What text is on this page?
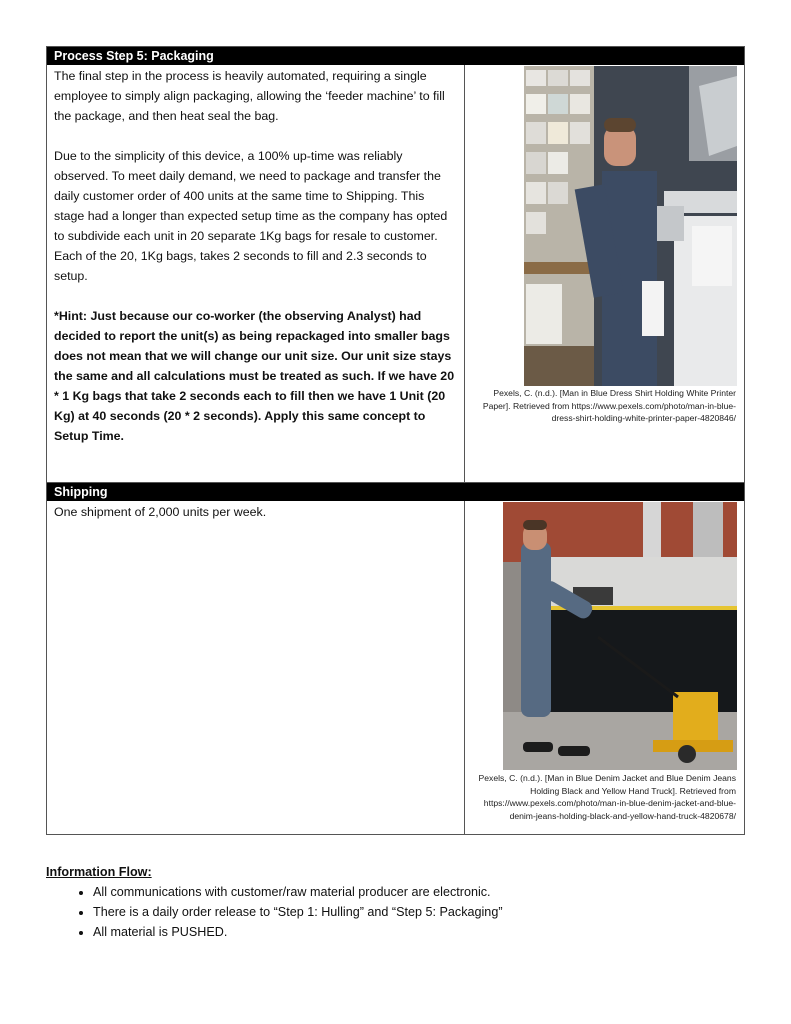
Process Step 5: Packaging

The final step in the process is heavily automated, requiring a single employee to simply align packaging, allowing the ‘feeder machine’ to fill the package, and then heat seal the bag.

Due to the simplicity of this device, a 100% up-time was reliably observed. To meet daily demand, we need to package and transfer the daily customer order of 400 units at the same time to Shipping. This stage had a longer than expected setup time as the company has opted to subdivide each unit in 20 separate 1Kg bags for resale to customer. Each of the 20, 1Kg bags, takes 2 seconds to fill and 2.3 seconds to setup.

*Hint: Just because our co-worker (the observing Analyst) had decided to report the unit(s) as being repackaged into smaller bags does not mean that we will change our unit size. Our unit size stays the same and all calculations must be treated as such. If we have 20 * 1 Kg bags that take 2 seconds each to fill then we have 1 Unit (20 Kg) at 40 seconds (20 * 2 seconds). Apply this same concept to Setup Time.

Pexels, C. (n.d.). [Man in Blue Dress Shirt Holding White Printer Paper]. Retrieved from https://www.pexels.com/photo/man-in-blue-dress-shirt-holding-white-printer-paper-4820846/
Shipping

One shipment of 2,000 units per week.

Pexels, C. (n.d.). [Man in Blue Denim Jacket and Blue Denim Jeans Holding Black and Yellow Hand Truck]. Retrieved from https://www.pexels.com/photo/man-in-blue-denim-jacket-and-blue-denim-jeans-holding-black-and-yellow-hand-truck-4820678/

Information Flow:

• All communications with customer/raw material producer are electronic.
• There is a daily order release to “Step 1: Hulling” and “Step 5: Packaging”
• All material is PUSHED.
